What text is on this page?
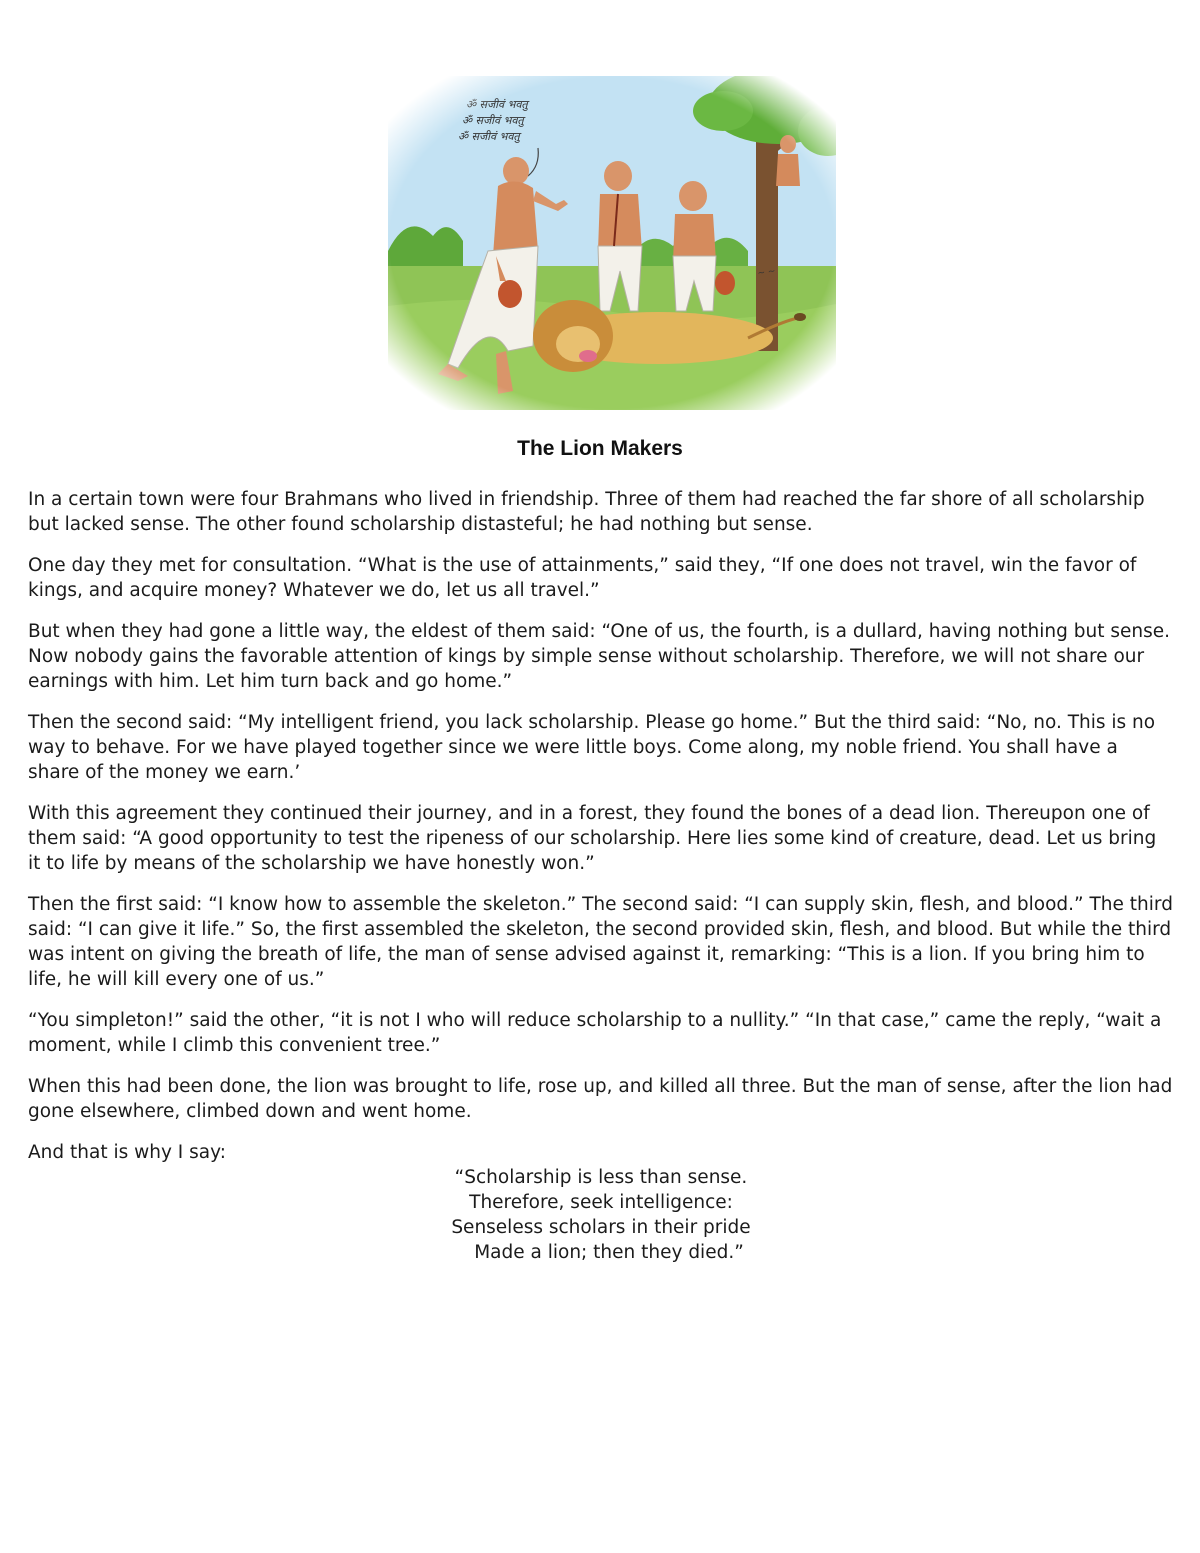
The Lion Makers

In a certain town were four Brahmans who lived in friendship. Three of them had reached the far shore of all scholarship but lacked sense. The other found scholarship distasteful; he had nothing but sense.

One day they met for consultation. “What is the use of attainments,” said they, “If one does not travel, win the favor of kings, and acquire money? Whatever we do, let us all travel.”

But when they had gone a little way, the eldest of them said: “One of us, the fourth, is a dullard, having nothing but sense. Now nobody gains the favorable attention of kings by simple sense without scholarship. Therefore, we will not share our earnings with him. Let him turn back and go home.”

Then the second said: “My intelligent friend, you lack scholarship. Please go home.” But the third said: “No, no. This is no way to behave. For we have played together since we were little boys. Come along, my noble friend. You shall have a share of the money we earn.’

With this agreement they continued their journey, and in a forest, they found the bones of a dead lion. Thereupon one of them said: “A good opportunity to test the ripeness of our scholarship. Here lies some kind of creature, dead. Let us bring it to life by means of the scholarship we have honestly won.”

Then the first said: “I know how to assemble the skeleton.” The second said: “I can supply skin, flesh, and blood.” The third said: “I can give it life.” So, the first assembled the skeleton, the second provided skin, flesh, and blood. But while the third was intent on giving the breath of life, the man of sense advised against it, remarking: “This is a lion. If you bring him to life, he will kill every one of us.”

“You simpleton!” said the other, “it is not I who will reduce scholarship to a nullity.” “In that case,” came the reply, “wait a moment, while I climb this convenient tree.”

When this had been done, the lion was brought to life, rose up, and killed all three. But the man of sense, after the lion had gone elsewhere, climbed down and went home.

And that is why I say:

“Scholarship is less than sense.
Therefore, seek intelligence:
Senseless scholars in their pride
Made a lion; then they died.”
